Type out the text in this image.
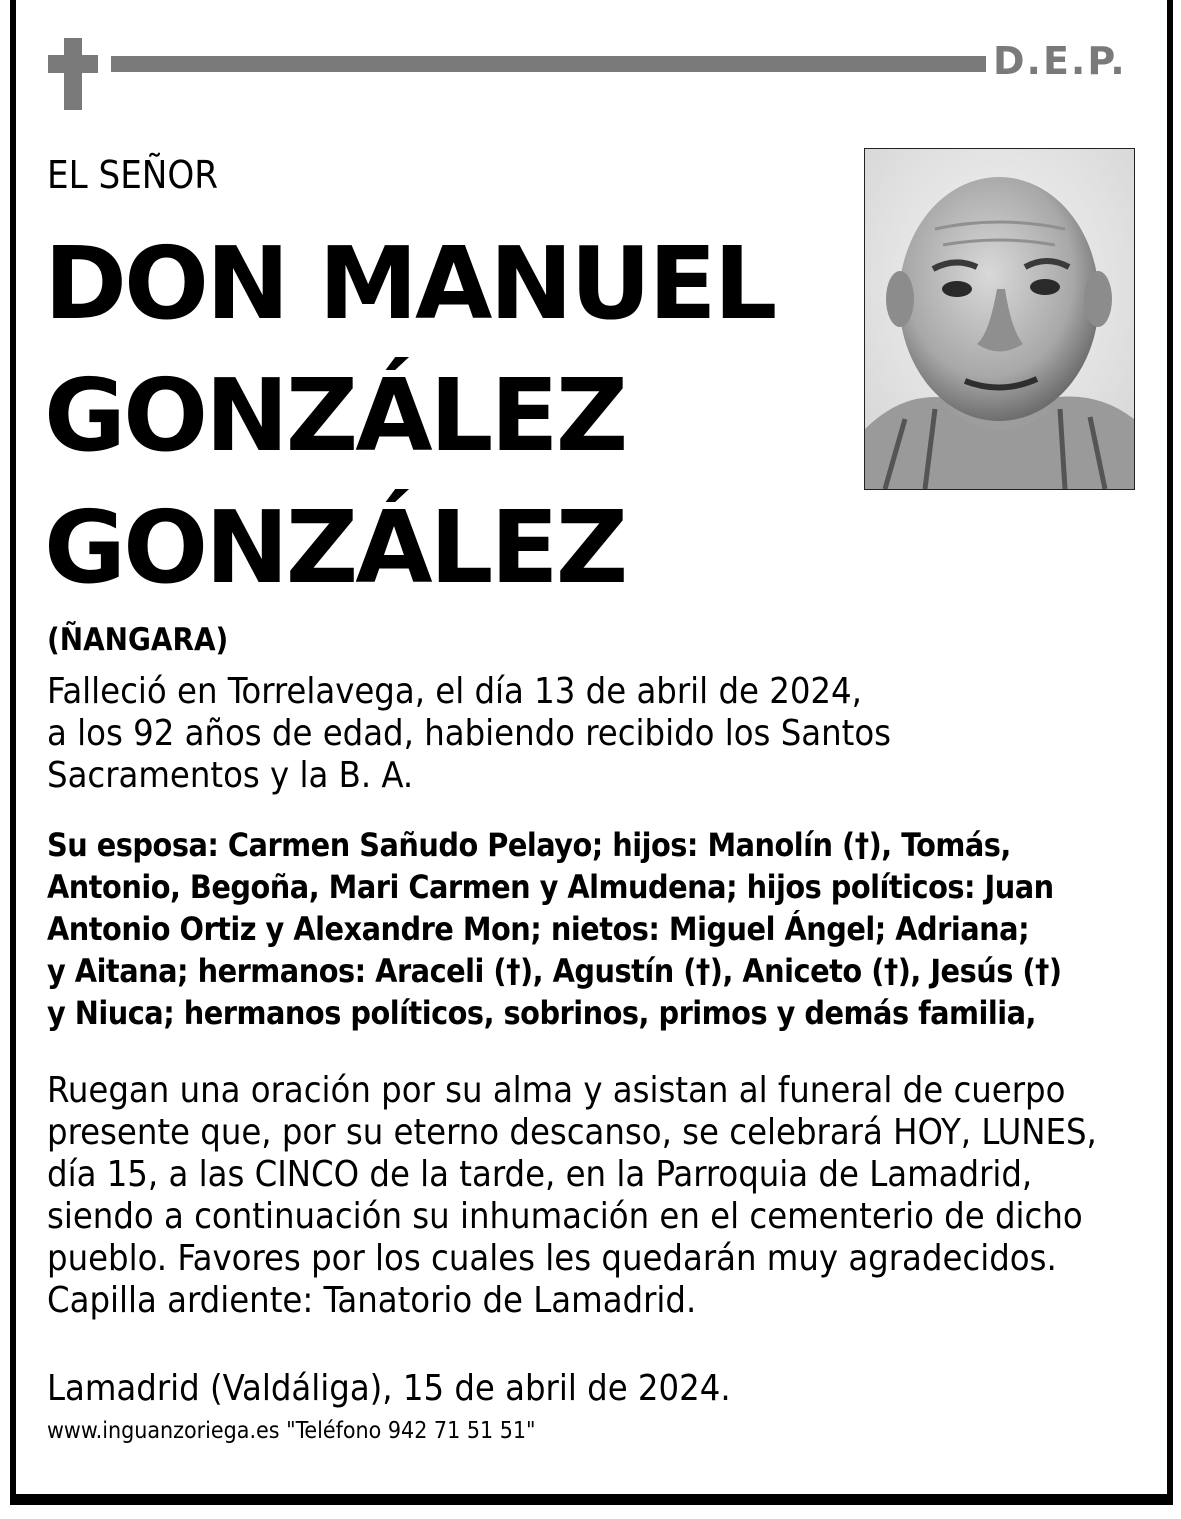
D.E.P.
EL SEÑOR
DON MANUEL
GONZÁLEZ
GONZÁLEZ
(ÑANGARA)
Falleció en Torrelavega, el día 13 de abril de 2024,
a los 92 años de edad, habiendo recibido los Santos
Sacramentos y la B. A.
Su esposa: Carmen Sañudo Pelayo; hijos: Manolín (†), Tomás,
Antonio, Begoña, Mari Carmen y Almudena; hijos políticos: Juan
Antonio Ortiz y Alexandre Mon; nietos: Miguel Ángel; Adriana;
y Aitana; hermanos: Araceli (†), Agustín (†), Aniceto (†), Jesús (†)
y Niuca; hermanos políticos, sobrinos, primos y demás familia,
Ruegan una oración por su alma y asistan al funeral de cuerpo
presente que, por su eterno descanso, se celebrará HOY, LUNES,
día 15, a las CINCO de la tarde, en la Parroquia de Lamadrid,
siendo a continuación su inhumación en el cementerio de dicho
pueblo. Favores por los cuales les quedarán muy agradecidos.
Capilla ardiente: Tanatorio de Lamadrid.
Lamadrid (Valdáliga), 15 de abril de 2024.
www.inguanzoriega.es "Teléfono 942 71 51 51"
